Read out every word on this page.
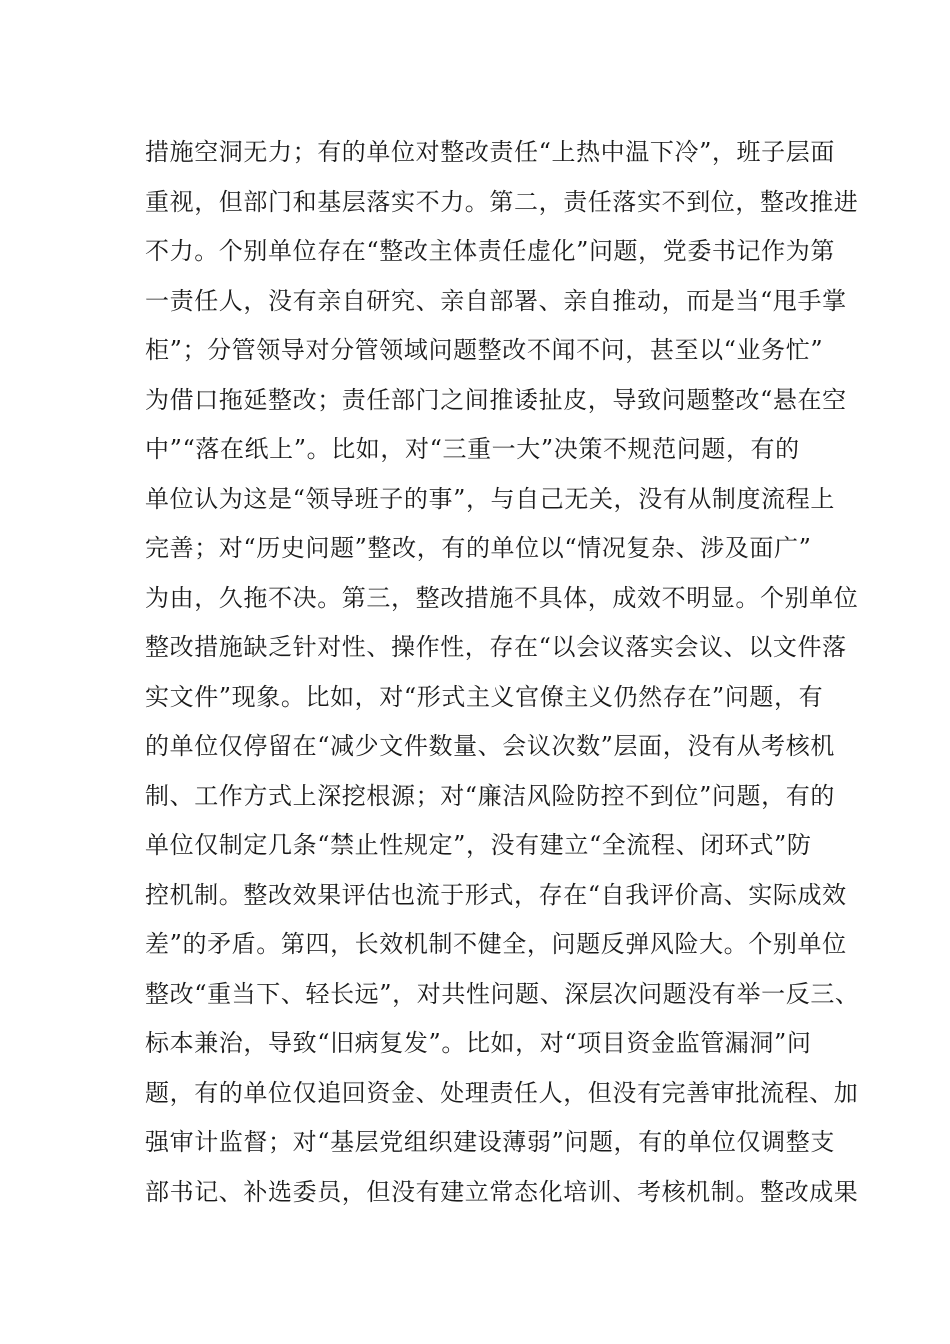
措施空洞无力；有的单位对整改责任“上热中温下冷”，班子层面
重视，但部门和基层落实不力。第二，责任落实不到位，整改推进
不力。个别单位存在“整改主体责任虚化”问题，党委书记作为第
一责任人，没有亲自研究、亲自部署、亲自推动，而是当“甩手掌
柜”；分管领导对分管领域问题整改不闻不问，甚至以“业务忙”
为借口拖延整改；责任部门之间推诿扯皮，导致问题整改“悬在空
中”“落在纸上”。比如，对“三重一大”决策不规范问题，有的
单位认为这是“领导班子的事”，与自己无关，没有从制度流程上
完善；对“历史问题”整改，有的单位以“情况复杂、涉及面广”
为由，久拖不决。第三，整改措施不具体，成效不明显。个别单位
整改措施缺乏针对性、操作性，存在“以会议落实会议、以文件落
实文件”现象。比如，对“形式主义官僚主义仍然存在”问题，有
的单位仅停留在“减少文件数量、会议次数”层面，没有从考核机
制、工作方式上深挖根源；对“廉洁风险防控不到位”问题，有的
单位仅制定几条“禁止性规定”，没有建立“全流程、闭环式”防
控机制。整改效果评估也流于形式，存在“自我评价高、实际成效
差”的矛盾。第四，长效机制不健全，问题反弹风险大。个别单位
整改“重当下、轻长远”，对共性问题、深层次问题没有举一反三、
标本兼治，导致“旧病复发”。比如，对“项目资金监管漏洞”问
题，有的单位仅追回资金、处理责任人，但没有完善审批流程、加
强审计监督；对“基层党组织建设薄弱”问题，有的单位仅调整支
部书记、补选委员，但没有建立常态化培训、考核机制。整改成果
